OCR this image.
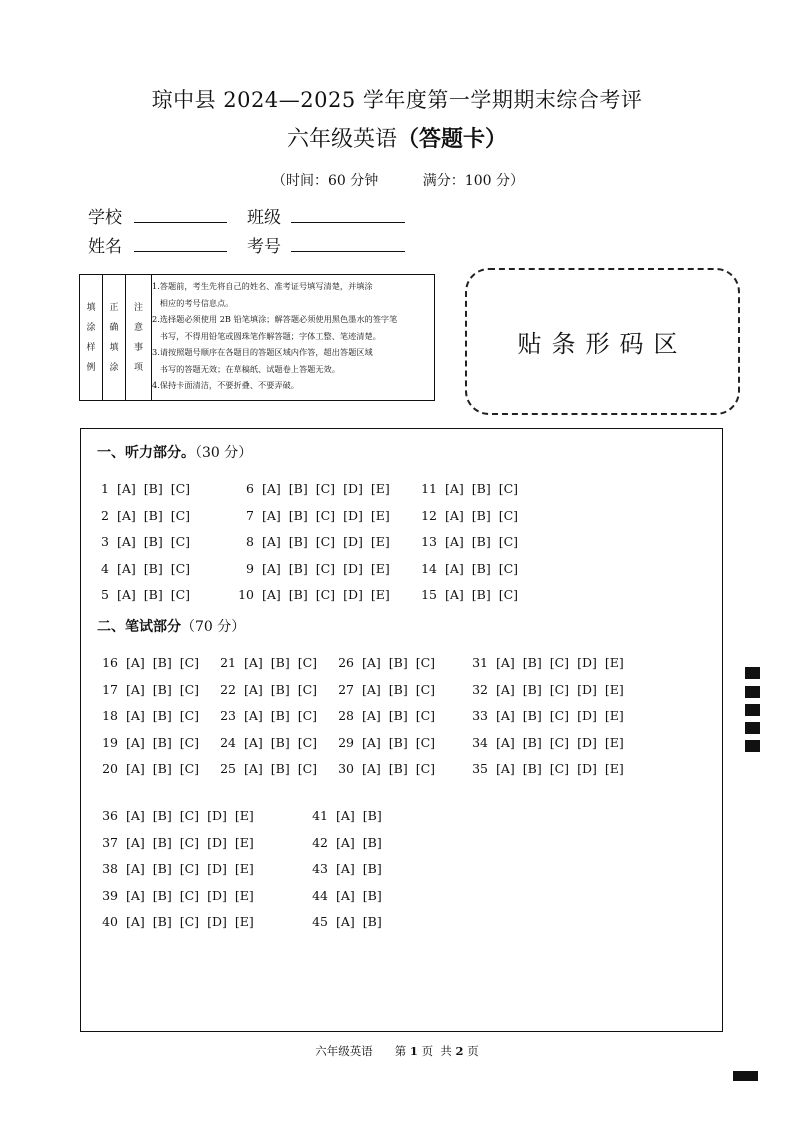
琼中县 2024—2025 学年度第一学期期末综合考评
六年级英语（答题卡）
（时间：60 分钟	满分：100 分）
学校	班级
姓名	考号
填
涂
样
例
正
确
填
涂
注
意
事
项
1.答题前，考生先将自己的姓名、准考证号填写清楚，并填涂
相应的考号信息点。
2.选择题必须使用 2B 铅笔填涂；解答题必须使用黑色墨水的签字笔
书写，不得用铅笔或圆珠笔作解答题；字体工整、笔迹清楚。
3.请按照题号顺序在各题目的答题区域内作答，超出答题区域
书写的答题无效；在草稿纸、试题卷上答题无效。
4.保持卡面清洁，不要折叠、不要弄破。
贴条形码区
一、听力部分。（30 分）
二、笔试部分（70 分）
1 [A] [B] [C]
2 [A] [B] [C]
3 [A] [B] [C]
4 [A] [B] [C]
5 [A] [B] [C]
6 [A] [B] [C] [D] [E]
7 [A] [B] [C] [D] [E]
8 [A] [B] [C] [D] [E]
9 [A] [B] [C] [D] [E]
10 [A] [B] [C] [D] [E]
11 [A] [B] [C]
12 [A] [B] [C]
13 [A] [B] [C]
14 [A] [B] [C]
15 [A] [B] [C]
16 [A] [B] [C]
17 [A] [B] [C]
18 [A] [B] [C]
19 [A] [B] [C]
20 [A] [B] [C]
21 [A] [B] [C]
22 [A] [B] [C]
23 [A] [B] [C]
24 [A] [B] [C]
25 [A] [B] [C]
26 [A] [B] [C]
27 [A] [B] [C]
28 [A] [B] [C]
29 [A] [B] [C]
30 [A] [B] [C]
31 [A] [B] [C] [D] [E]
32 [A] [B] [C] [D] [E]
33 [A] [B] [C] [D] [E]
34 [A] [B] [C] [D] [E]
35 [A] [B] [C] [D] [E]
36 [A] [B] [C] [D] [E]
37 [A] [B] [C] [D] [E]
38 [A] [B] [C] [D] [E]
39 [A] [B] [C] [D] [E]
40 [A] [B] [C] [D] [E]
41 [A] [B]
42 [A] [B]
43 [A] [B]
44 [A] [B]
45 [A] [B]
六年级英语 第 1 页  共 2 页
